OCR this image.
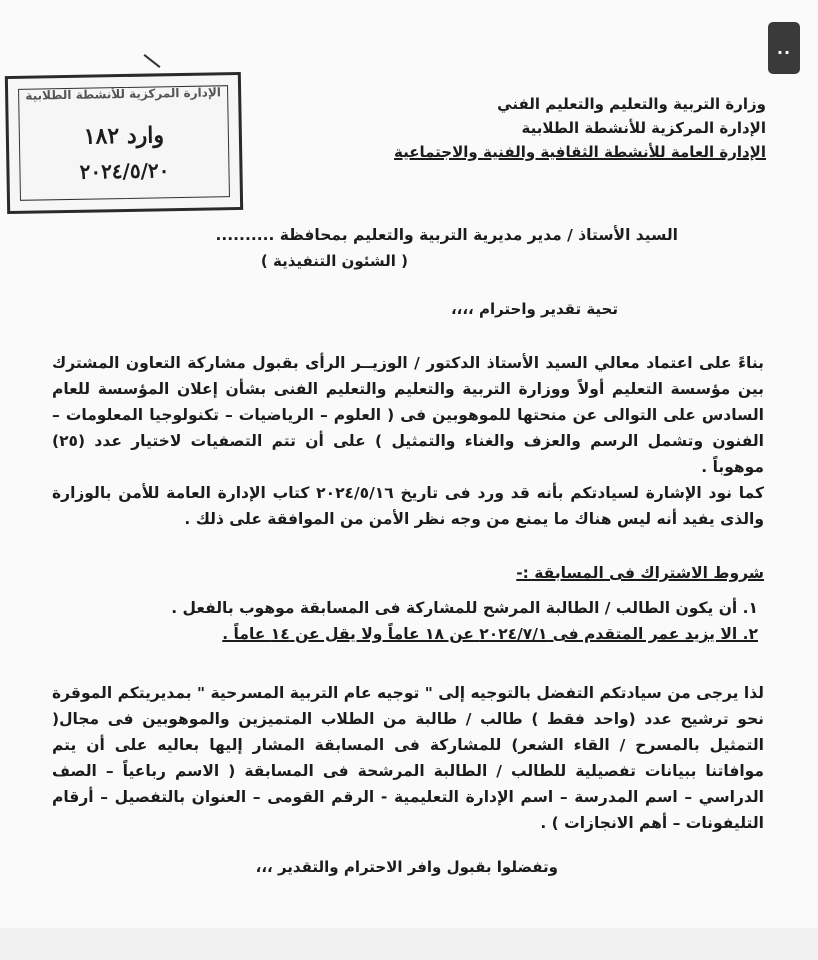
..
الإدارة المركزية للأنشطة الطلابية
وارد ١٨٢
٢٠٢٤/٥/٢٠
وزارة التربية والتعليم والتعليم الفني
الإدارة المركزية للأنشطة الطلابية
الإدارة العامة للأنشطة الثقافية والفنية والاجتماعية
السيد الأستاذ / مدير مديرية التربية والتعليم بمحافظة ..........
( الشئون التنفيذية )
تحية تقدير واحترام ،،،،
بناءً على اعتماد معالي السيد الأستاذ الدكتور / الوزيــر الرأى بقبول مشاركة التعاون المشترك بين مؤسسة التعليم أولاً ووزارة التربية والتعليم والتعليم الفنى بشأن إعلان المؤسسة للعام السادس على التوالى عن منحتها للموهوبين فى ( العلوم – الرياضيات – تكنولوجيا المعلومات – الفنون وتشمل الرسم والعزف والغناء والتمثيل ) على أن تتم التصفيات لاختيار عدد (٢٥) موهوباً .
كما نود الإشارة لسيادتكم بأنه قد ورد فى تاريخ ٢٠٢٤/٥/١٦ كتاب الإدارة العامة للأمن بالوزارة والذى يفيد أنه ليس هناك ما يمنع من وجه نظر الأمن من الموافقة على ذلك .
شروط الاشتراك فى المسابقة :-
١. أن يكون الطالب / الطالبة المرشح للمشاركة فى المسابقة موهوب بالفعل .
٢. الا يزيد عمر المتقدم فى ٢٠٢٤/٧/١ عن ١٨ عاماً ولا يقل عن ١٤ عاماً .
لذا يرجى من سيادتكم التفضل بالتوجيه إلى " توجيه عام التربية المسرحية " بمديريتكم الموقرة نحو ترشيح عدد (واحد فقط ) طالب / طالبة من الطلاب المتميزين والموهوبين فى مجال( التمثيل بالمسرح / القاء الشعر) للمشاركة فى المسابقة المشار إليها بعاليه على أن يتم موافاتنا ببيانات تفصيلية للطالب / الطالبة المرشحة فى المسابقة ( الاسم رباعياً – الصف الدراسي – اسم المدرسة – اسم الإدارة التعليمية - الرقم القومى – العنوان بالتفصيل – أرقام التليفونات – أهم الانجازات ) .
وتفضلوا بقبول وافر الاحترام والتقدير ،،،
